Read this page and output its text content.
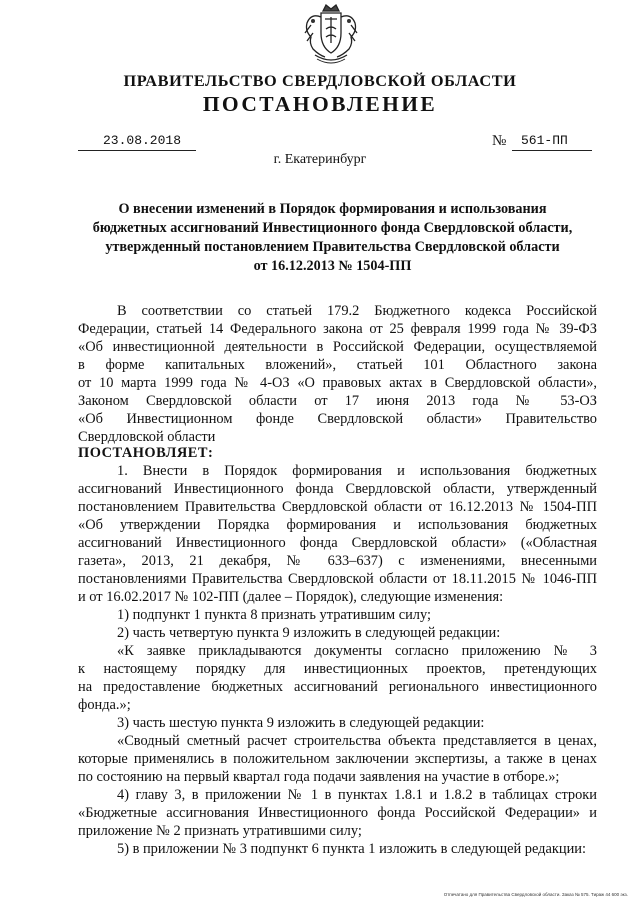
ПРАВИТЕЛЬСТВО СВЕРДЛОВСКОЙ ОБЛАСТИ
ПОСТАНОВЛЕНИЕ
23.08.2018	№ 561-ПП
г. Екатеринбург
О внесении изменений в Порядок формирования и использования
бюджетных ассигнований Инвестиционного фонда Свердловской области,
утвержденный постановлением Правительства Свердловской области
от 16.12.2013 № 1504-ПП
В соответствии со статьей 179.2 Бюджетного кодекса Российской
Федерации, статьей 14 Федерального закона от 25 февраля 1999 года № 39-ФЗ
«Об инвестиционной деятельности в Российской Федерации, осуществляемой
в форме капитальных вложений», статьей 101 Областного закона
от 10 марта 1999 года № 4-ОЗ «О правовых актах в Свердловской области»,
Законом Свердловской области от 17 июня 2013 года № 53-ОЗ
«Об Инвестиционном фонде Свердловской области» Правительство
Свердловской области
ПОСТАНОВЛЯЕТ:
1. Внести в Порядок формирования и использования бюджетных
ассигнований Инвестиционного фонда Свердловской области, утвержденный
постановлением Правительства Свердловской области от 16.12.2013 № 1504-ПП
«Об утверждении Порядка формирования и использования бюджетных
ассигнований Инвестиционного фонда Свердловской области» («Областная
газета», 2013, 21 декабря, № 633–637) с изменениями, внесенными
постановлениями Правительства Свердловской области от 18.11.2015 № 1046-ПП
и от 16.02.2017 № 102-ПП (далее – Порядок), следующие изменения:
1) подпункт 1 пункта 8 признать утратившим силу;
2) часть четвертую пункта 9 изложить в следующей редакции:
«К заявке прикладываются документы согласно приложению № 3
к настоящему порядку для инвестиционных проектов, претендующих
на предоставление бюджетных ассигнований регионального инвестиционного
фонда.»;
3) часть шестую пункта 9 изложить в следующей редакции:
«Сводный сметный расчет строительства объекта представляется в ценах,
которые применялись в положительном заключении экспертизы, а также в ценах
по состоянию на первый квартал года подачи заявления на участие в отборе.»;
4) главу 3, в приложении № 1 в пунктах 1.8.1 и 1.8.2 в таблицах строки
«Бюджетные ассигнования Инвестиционного фонда Российской Федерации» и
приложение № 2 признать утратившими силу;
5) в приложении № 3 подпункт 6 пункта 1 изложить в следующей редакции:
Отпечатано для Правительства Свердловской области. Заказ № 575. Тираж 44 600 экз.
